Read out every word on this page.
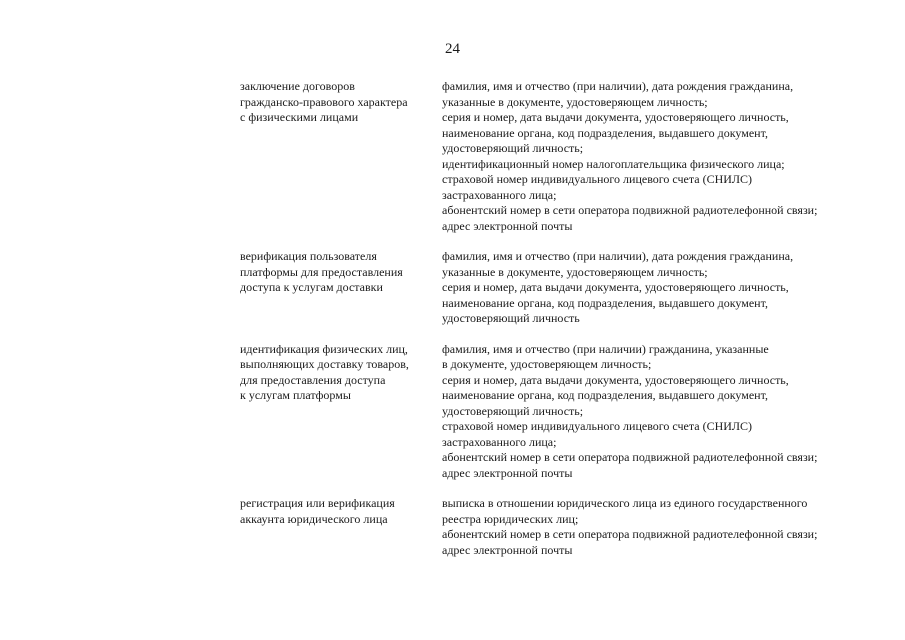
24
заключение договоров
гражданско-правового характера
с физическими лицами
фамилия, имя и отчество (при наличии), дата рождения гражданина,
указанные в документе, удостоверяющем личность;
серия и номер, дата выдачи документа, удостоверяющего личность,
наименование органа, код подразделения, выдавшего документ,
удостоверяющий личность;
идентификационный номер налогоплательщика физического лица;
страховой номер индивидуального лицевого счета (СНИЛС)
застрахованного лица;
абонентский номер в сети оператора подвижной радиотелефонной связи;
адрес электронной почты
верификация пользователя
платформы для предоставления
доступа к услугам доставки
фамилия, имя и отчество (при наличии), дата рождения гражданина,
указанные в документе, удостоверяющем личность;
серия и номер, дата выдачи документа, удостоверяющего личность,
наименование органа, код подразделения, выдавшего документ,
удостоверяющий личность
идентификация физических лиц,
выполняющих доставку товаров,
для предоставления доступа
к услугам платформы
фамилия, имя и отчество (при наличии) гражданина, указанные
в документе, удостоверяющем личность;
серия и номер, дата выдачи документа, удостоверяющего личность,
наименование органа, код подразделения, выдавшего документ,
удостоверяющий личность;
страховой номер индивидуального лицевого счета (СНИЛС)
застрахованного лица;
абонентский номер в сети оператора подвижной радиотелефонной связи;
адрес электронной почты
регистрация или верификация
аккаунта юридического лица
выписка в отношении юридического лица из единого государственного
реестра юридических лиц;
абонентский номер в сети оператора подвижной радиотелефонной связи;
адрес электронной почты
